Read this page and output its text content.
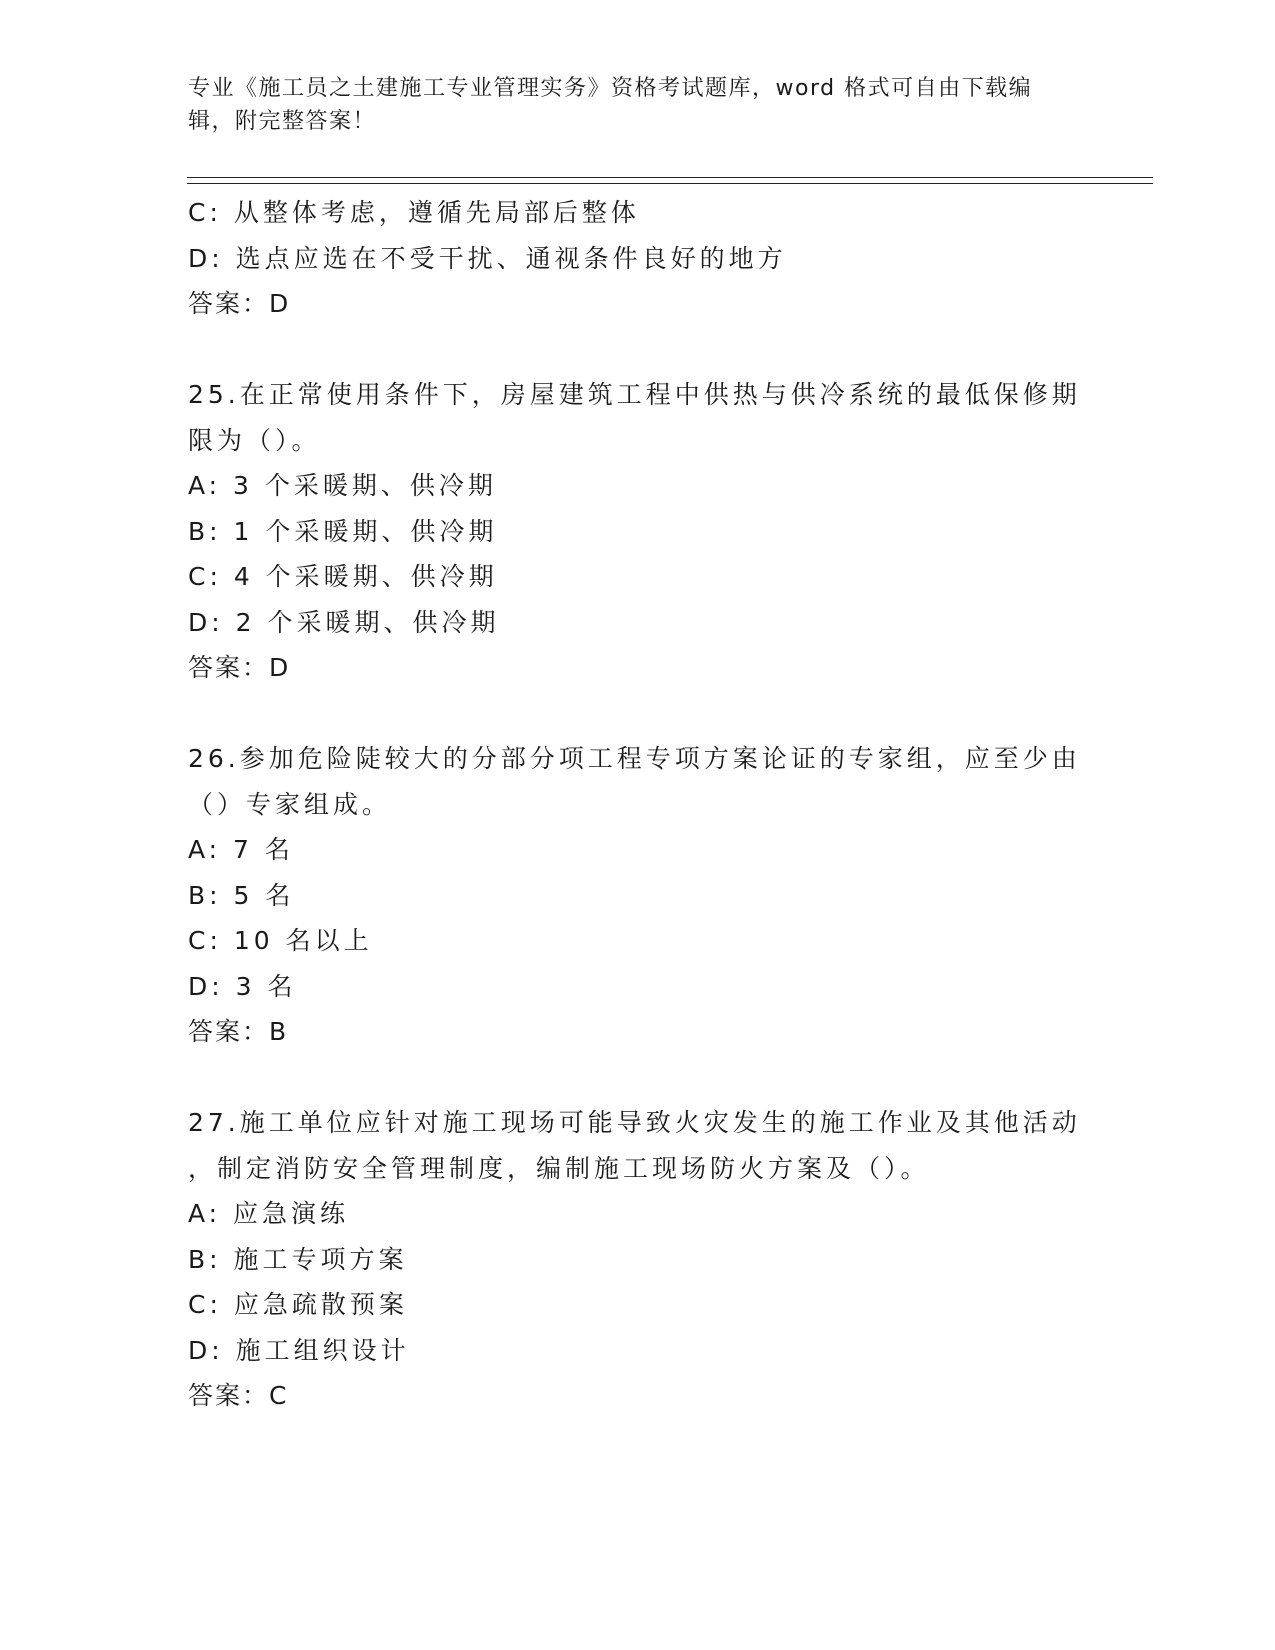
专业《施工员之土建施工专业管理实务》资格考试题库，word 格式可自由下载编
辑，附完整答案！
C: 从整体考虑，遵循先局部后整体
D: 选点应选在不受干扰、通视条件良好的地方
答案：D
25.在正常使用条件下，房屋建筑工程中供热与供冷系统的最低保修期
限为（）。
A: 3 个采暖期、供冷期
B: 1 个采暖期、供冷期
C: 4 个采暖期、供冷期
D: 2 个采暖期、供冷期
答案：D
26.参加危险陡较大的分部分项工程专项方案论证的专家组，应至少由
（）专家组成。
A: 7 名
B: 5 名
C: 10 名以上
D: 3 名
答案：B
27.施工单位应针对施工现场可能导致火灾发生的施工作业及其他活动
，制定消防安全管理制度，编制施工现场防火方案及（）。
A: 应急演练
B: 施工专项方案
C: 应急疏散预案
D: 施工组织设计
答案：C
